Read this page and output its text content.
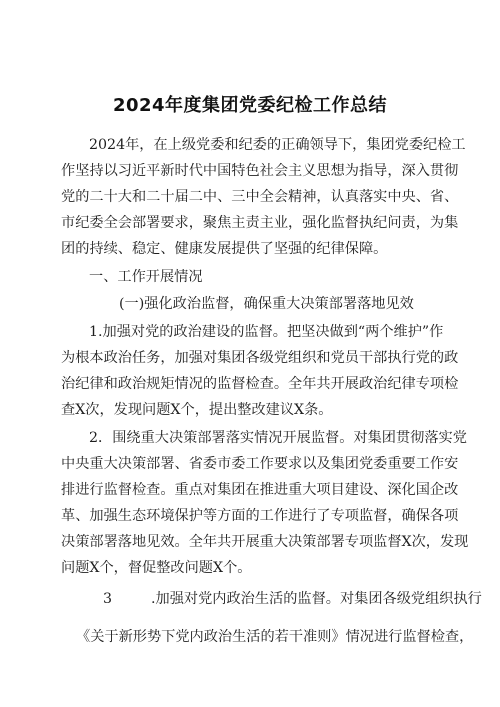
2024年度集团党委纪检工作总结
2024年，在上级党委和纪委的正确领导下，集团党委纪检工
作坚持以习近平新时代中国特色社会主义思想为指导，深入贯彻
党的二十大和二十届二中、三中全会精神，认真落实中央、省、
市纪委全会部署要求，聚焦主责主业，强化监督执纪问责，为集
团的持续、稳定、健康发展提供了坚强的纪律保障。
一、工作开展情况
(一)强化政治监督，确保重大决策部署落地见效
1.加强对党的政治建设的监督。把坚决做到“两个维护”作
为根本政治任务，加强对集团各级党组织和党员干部执行党的政
治纪律和政治规矩情况的监督检查。全年共开展政治纪律专项检
查X次，发现问题X个，提出整改建议X条。
2．围绕重大决策部署落实情况开展监督。对集团贯彻落实党
中央重大决策部署、省委市委工作要求以及集团党委重要工作安
排进行监督检查。重点对集团在推进重大项目建设、深化国企改
革、加强生态环境保护等方面的工作进行了专项监督，确保各项
决策部署落地见效。全年共开展重大决策部署专项监督X次，发现
问题X个，督促整改问题X个。
3	.加强对党内政治生活的监督。对集团各级党组织执行
《关于新形势下党内政治生活的若干准则》情况进行监督检查，
